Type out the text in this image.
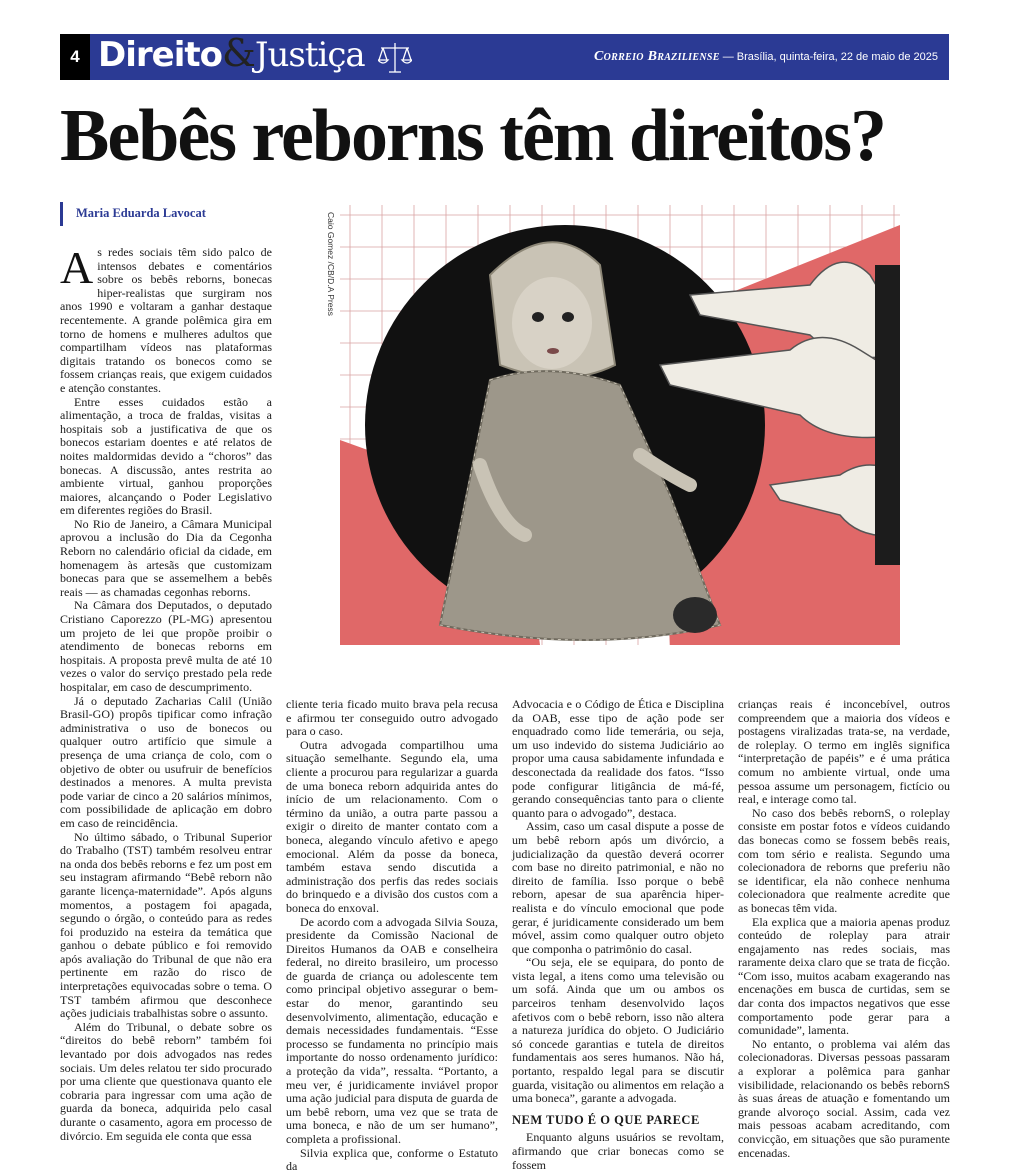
4 Direito&Justiça	Correio Braziliense — Brasília, quinta-feira, 22 de maio de 2025
Bebês reborns têm direitos?
Maria Eduarda Lavocat	Caio Gomez /CB/D.A Press

As redes sociais têm sido palco de intensos debates e comentários sobre os bebês reborns, bonecas hiper-realistas que surgiram nos anos 1990 e voltaram a ganhar destaque recentemente. A grande polêmica gira em torno de homens e mulheres adultos que compartilham vídeos nas plataformas digitais tratando os bonecos como se fossem crianças reais, que exigem cuidados e atenção constantes.

Entre esses cuidados estão a alimentação, a troca de fraldas, visitas a hospitais sob a justificativa de que os bonecos estariam doentes e até relatos de noites maldormidas devido a “choros” das bonecas. A discussão, antes restrita ao ambiente virtual, ganhou proporções maiores, alcançando o Poder Legislativo em diferentes regiões do Brasil.

No Rio de Janeiro, a Câmara Municipal aprovou a inclusão do Dia da Cegonha Reborn no calendário oficial da cidade, em homenagem às artesãs que customizam bonecas para que se assemelhem a bebês reais — as chamadas cegonhas reborns.

Na Câmara dos Deputados, o deputado Cristiano Caporezzo (PL-MG) apresentou um projeto de lei que propõe proibir o atendimento de bonecas reborns em hospitais. A proposta prevê multa de até 10 vezes o valor do serviço prestado pela rede hospitalar, em caso de descumprimento.

Já o deputado Zacharias Calil (União Brasil-GO) propôs tipificar como infração administrativa o uso de bonecos ou qualquer outro artifício que simule a presença de uma criança de colo, com o objetivo de obter ou usufruir de benefícios destinados a menores. A multa prevista pode variar de cinco a 20 salários mínimos, com possibilidade de aplicação em dobro em caso de reincidência.

No último sábado, o Tribunal Superior do Trabalho (TST) também resolveu entrar na onda dos bebês reborns e fez um post em seu instagram afirmando “Bebê reborn não garante licença-maternidade”. Após alguns momentos, a postagem foi apagada, segundo o órgão, o conteúdo para as redes foi produzido na esteira da temática que ganhou o debate público e foi removido após avaliação do Tribunal de que não era pertinente em razão do risco de interpretações equivocadas sobre o tema. O TST também afirmou que desconhece ações judiciais trabalhistas sobre o assunto.

Além do Tribunal, o debate sobre os “direitos do bebê reborn” também foi levantado por dois advogados nas redes sociais. Um deles relatou ter sido procurado por uma cliente que questionava quanto ele cobraria para ingressar com uma ação de guarda da boneca, adquirida pelo casal durante o casamento, agora em processo de divórcio. Em seguida ele conta que essa

cliente teria ficado muito brava pela recusa e afirmou ter conseguido outro advogado para o caso.

Outra advogada compartilhou uma situação semelhante. Segundo ela, uma cliente a procurou para regularizar a guarda de uma boneca reborn adquirida antes do início de um relacionamento. Com o término da união, a outra parte passou a exigir o direito de manter contato com a boneca, alegando vínculo afetivo e apego emocional. Além da posse da boneca, também estava sendo discutida a administração dos perfis das redes sociais do brinquedo e a divisão dos custos com a boneca do enxoval.

De acordo com a advogada Silvia Souza, presidente da Comissão Nacional de Direitos Humanos da OAB e conselheira federal, no direito brasileiro, um processo de guarda de criança ou adolescente tem como principal objetivo assegurar o bem-estar do menor, garantindo seu desenvolvimento, alimentação, educação e demais necessidades fundamentais. “Esse processo se fundamenta no princípio mais importante do nosso ordenamento jurídico: a proteção da vida”, ressalta. “Portanto, a meu ver, é juridicamente inviável propor uma ação judicial para disputa de guarda de um bebê reborn, uma vez que se trata de uma boneca, e não de um ser humano”, completa a profissional.

Silvia explica que, conforme o Estatuto da

Advocacia e o Código de Ética e Disciplina da OAB, esse tipo de ação pode ser enquadrado como lide temerária, ou seja, um uso indevido do sistema Judiciário ao propor uma causa sabidamente infundada e desconectada da realidade dos fatos. “Isso pode configurar litigância de má-fé, gerando consequências tanto para o cliente quanto para o advogado”, destaca.

Assim, caso um casal dispute a posse de um bebê reborn após um divórcio, a judicialização da questão deverá ocorrer com base no direito patrimonial, e não no direito de família. Isso porque o bebê reborn, apesar de sua aparência hiper-realista e do vínculo emocional que pode gerar, é juridicamente considerado um bem móvel, assim como qualquer outro objeto que componha o patrimônio do casal.

“Ou seja, ele se equipara, do ponto de vista legal, a itens como uma televisão ou um sofá. Ainda que um ou ambos os parceiros tenham desenvolvido laços afetivos com o bebê reborn, isso não altera a natureza jurídica do objeto. O Judiciário só concede garantias e tutela de direitos fundamentais aos seres humanos. Não há, portanto, respaldo legal para se discutir guarda, visitação ou alimentos em relação a uma boneca”, garante a advogada.

NEM TUDO É O QUE PARECE

Enquanto alguns usuários se revoltam, afirmando que criar bonecas como se fossem

crianças reais é inconcebível, outros compreendem que a maioria dos vídeos e postagens viralizadas trata-se, na verdade, de roleplay. O termo em inglês significa “interpretação de papéis” e é uma prática comum no ambiente virtual, onde uma pessoa assume um personagem, fictício ou real, e interage como tal.

No caso dos bebês rebornS, o roleplay consiste em postar fotos e vídeos cuidando das bonecas como se fossem bebês reais, com tom sério e realista. Segundo uma colecionadora de reborns que preferiu não se identificar, ela não conhece nenhuma colecionadora que realmente acredite que as bonecas têm vida.

Ela explica que a maioria apenas produz conteúdo de roleplay para atrair engajamento nas redes sociais, mas raramente deixa claro que se trata de ficção. “Com isso, muitos acabam exagerando nas encenações em busca de curtidas, sem se dar conta dos impactos negativos que esse comportamento pode gerar para a comunidade”, lamenta.

No entanto, o problema vai além das colecionadoras. Diversas pessoas passaram a explorar a polêmica para ganhar visibilidade, relacionando os bebês rebornS às suas áreas de atuação e fomentando um grande alvoroço social. Assim, cada vez mais pessoas acabam acreditando, com convicção, em situações que são puramente encenadas.
